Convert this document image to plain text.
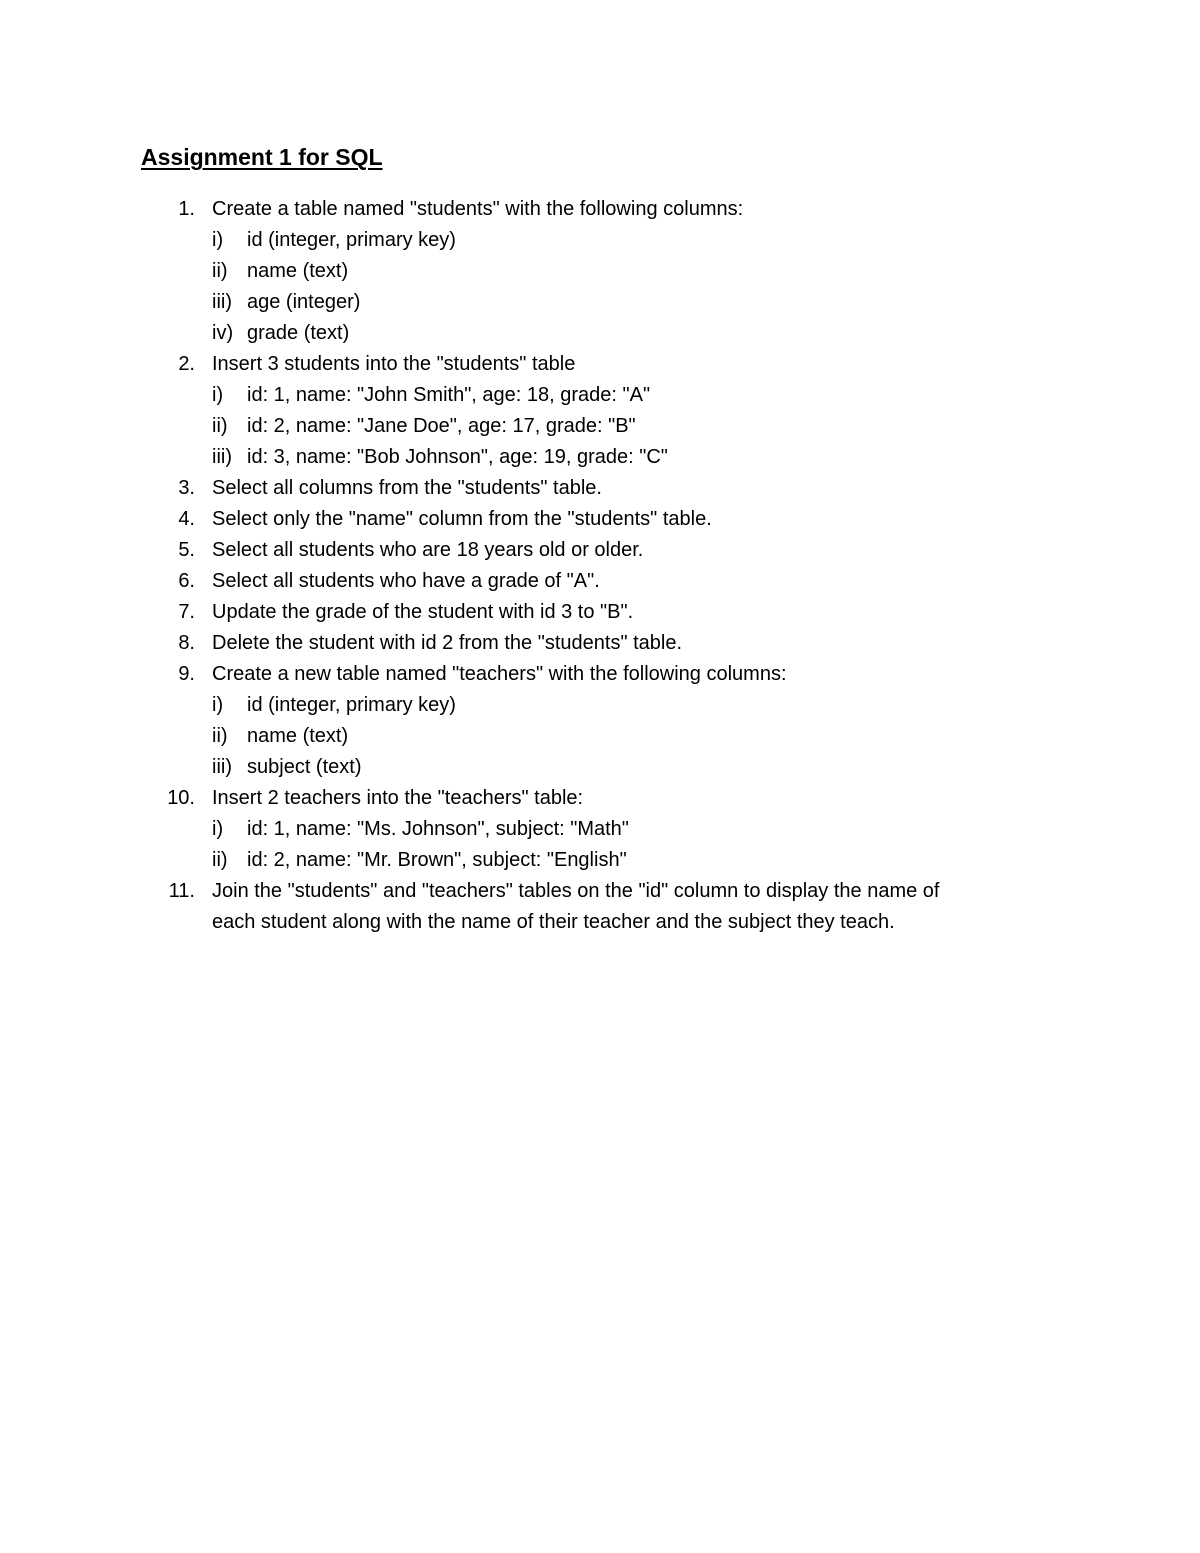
Assignment 1 for SQL
1. Create a table named "students" with the following columns:
i) id (integer, primary key)
ii) name (text)
iii) age (integer)
iv) grade (text)
2. Insert 3 students into the "students" table
i) id: 1, name: "John Smith", age: 18, grade: "A"
ii) id: 2, name: "Jane Doe", age: 17, grade: "B"
iii) id: 3, name: "Bob Johnson", age: 19, grade: "C"
3. Select all columns from the "students" table.
4. Select only the "name" column from the "students" table.
5. Select all students who are 18 years old or older.
6. Select all students who have a grade of "A".
7. Update the grade of the student with id 3 to "B".
8. Delete the student with id 2 from the "students" table.
9. Create a new table named "teachers" with the following columns:
i) id (integer, primary key)
ii) name (text)
iii) subject (text)
10. Insert 2 teachers into the "teachers" table:
i) id: 1, name: "Ms. Johnson", subject: "Math"
ii) id: 2, name: "Mr. Brown", subject: "English"
11. Join the "students" and "teachers" tables on the "id" column to display the name of
each student along with the name of their teacher and the subject they teach.
